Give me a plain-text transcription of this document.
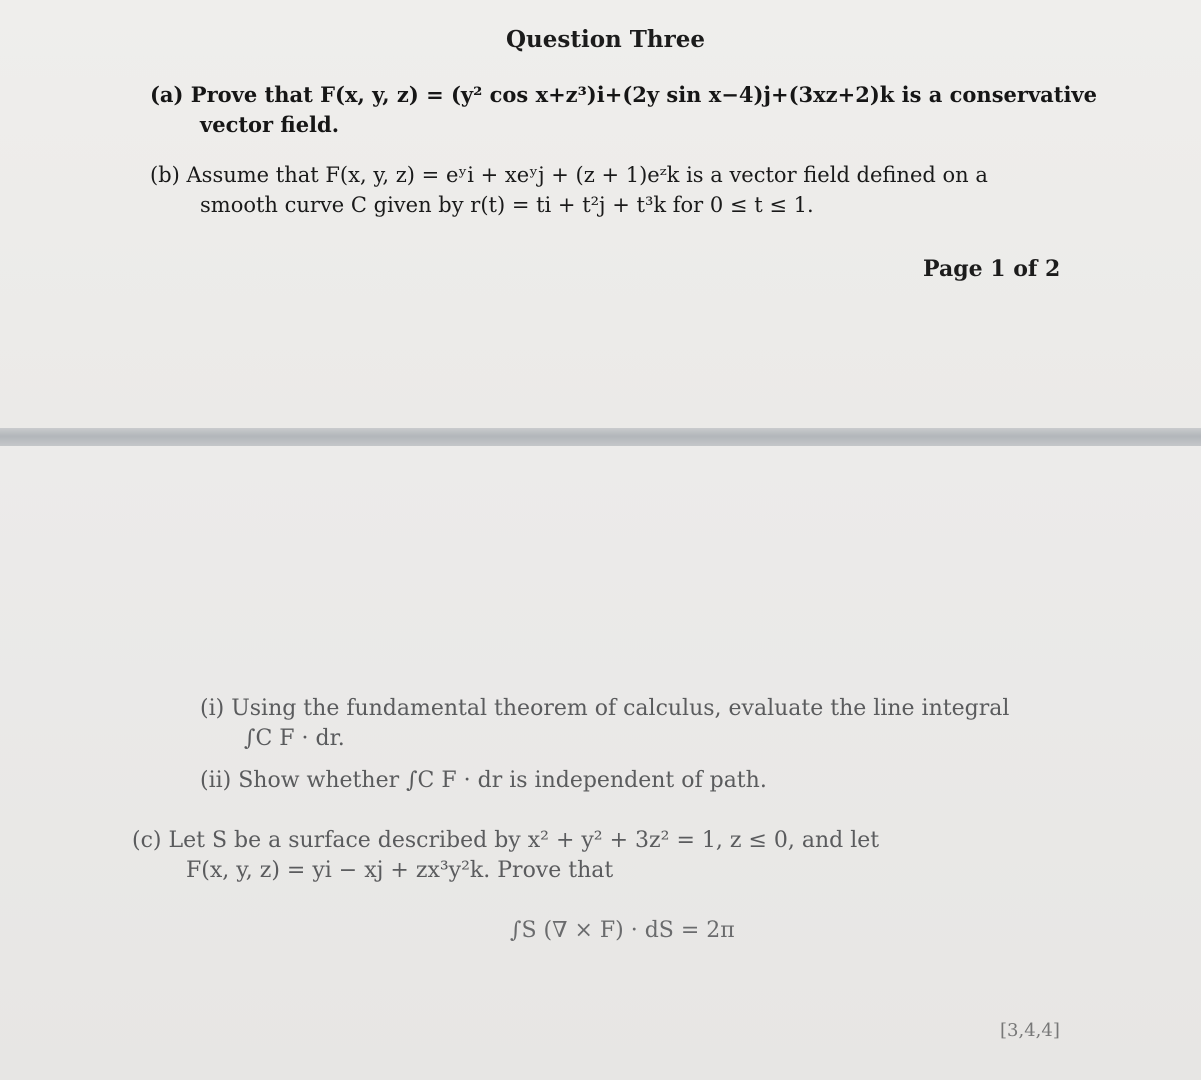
Question Three
(a) Prove that F(x, y, z) = (y² cos x+z³)i+(2y sin x−4)j+(3xz+2)k is a conservative
vector field.
(b) Assume that F(x, y, z) = eʸi + xeʸj + (z + 1)eᶻk is a vector field defined on a
smooth curve C given by r(t) = ti + t²j + t³k for 0 ≤ t ≤ 1.
Page 1 of 2
(i) Using the fundamental theorem of calculus, evaluate the line integral
∫C F · dr.
(ii) Show whether ∫C F · dr is independent of path.
(c) Let S be a surface described by x² + y² + 3z² = 1, z ≤ 0, and let
F(x, y, z) = yi − xj + zx³y²k. Prove that
∫S (∇ × F) · dS = 2π
[3,4,4]
